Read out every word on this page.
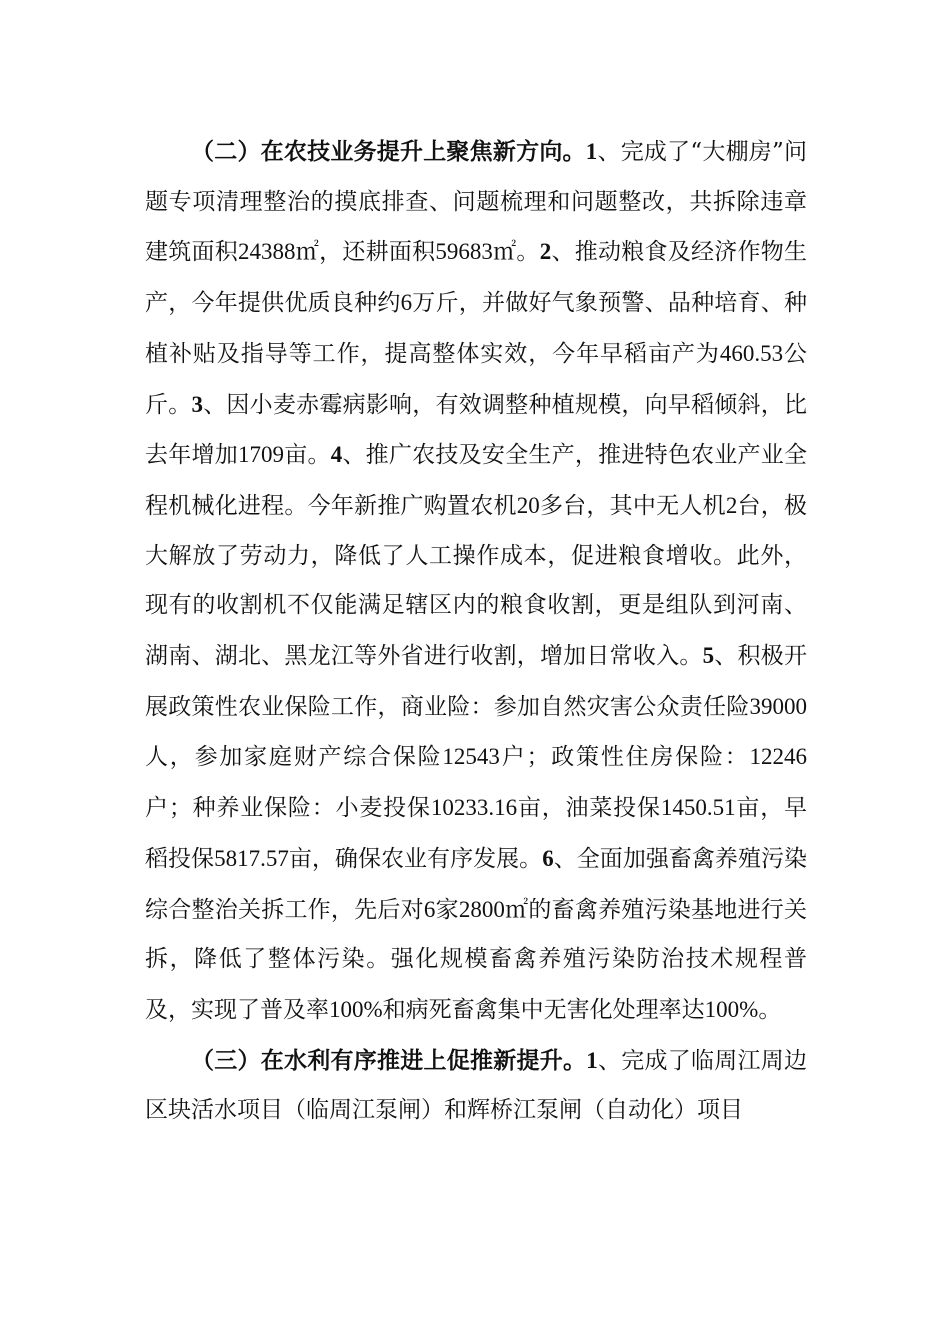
（二）在农技业务提升上聚焦新方向。1、完成了“大棚房”问题专项清理整治的摸底排查、问题梳理和问题整改，共拆除违章建筑面积24388㎡，还耕面积59683㎡。2、推动粮食及经济作物生产，今年提供优质良种约6万斤，并做好气象预警、品种培育、种植补贴及指导等工作，提高整体实效，今年早稻亩产为460.53公斤。3、因小麦赤霉病影响，有效调整种植规模，向早稻倾斜，比去年增加1709亩。4、推广农技及安全生产，推进特色农业产业全程机械化进程。今年新推广购置农机20多台，其中无人机2台，极大解放了劳动力，降低了人工操作成本，促进粮食增收。此外，现有的收割机不仅能满足辖区内的粮食收割，更是组队到河南、湖南、湖北、黑龙江等外省进行收割，增加日常收入。5、积极开展政策性农业保险工作，商业险：参加自然灾害公众责任险39000人，参加家庭财产综合保险12543户；政策性住房保险：12246户；种养业保险：小麦投保10233.16亩，油菜投保1450.51亩，早稻投保5817.57亩，确保农业有序发展。6、全面加强畜禽养殖污染综合整治关拆工作，先后对6家2800㎡的畜禽养殖污染基地进行关拆，降低了整体污染。强化规模畜禽养殖污染防治技术规程普及，实现了普及率100%和病死畜禽集中无害化处理率达100%。

（三）在水利有序推进上促推新提升。1、完成了临周江周边区块活水项目（临周江泵闸）和辉桥江泵闸（自动化）项目
